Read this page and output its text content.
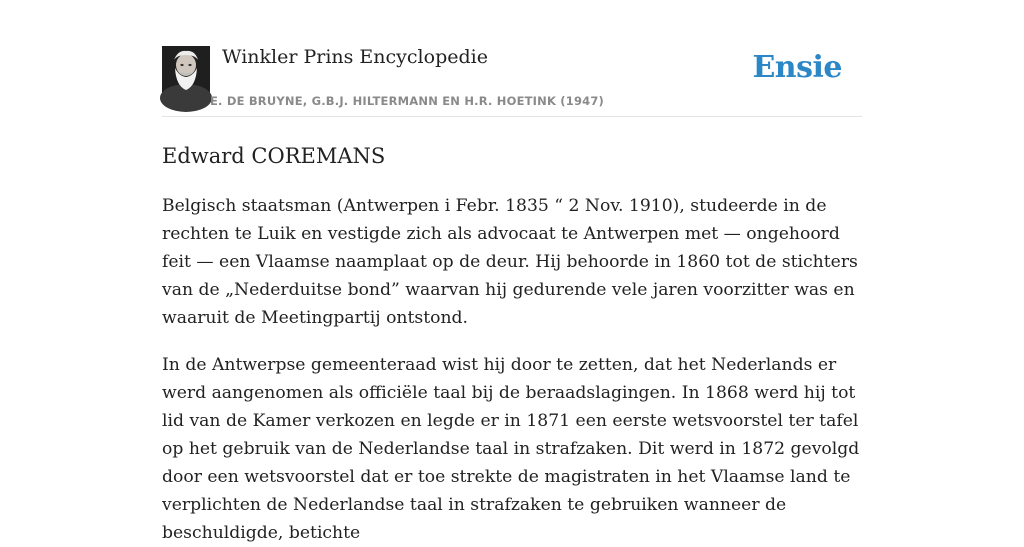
Winkler Prins Encyclopedie
E. DE BRUYNE, G.B.J. HILTERMANN EN H.R. HOETINK (1947)
Ensie
Edward COREMANS

Belgisch staatsman (Antwerpen i Febr. 1835 “ 2 Nov. 1910), studeerde in de rechten te Luik en vestigde zich als advocaat te Antwerpen met — ongehoord feit — een Vlaamse naamplaat op de deur. Hij behoorde in 1860 tot de stichters van de „Nederduitse bond” waarvan hij gedurende vele jaren voorzitter was en waaruit de Meetingpartij ontstond.

In de Antwerpse gemeenteraad wist hij door te zetten, dat het Nederlands er werd aangenomen als officiële taal bij de beraadslagingen. In 1868 werd hij tot lid van de Kamer verkozen en legde er in 1871 een eerste wetsvoorstel ter tafel op het gebruik van de Nederlandse taal in strafzaken. Dit werd in 1872 gevolgd door een wetsvoorstel dat er toe strekte de magistraten in het Vlaamse land te verplichten de Nederlandse taal in strafzaken te gebruiken wanneer de beschuldigde, betichte
